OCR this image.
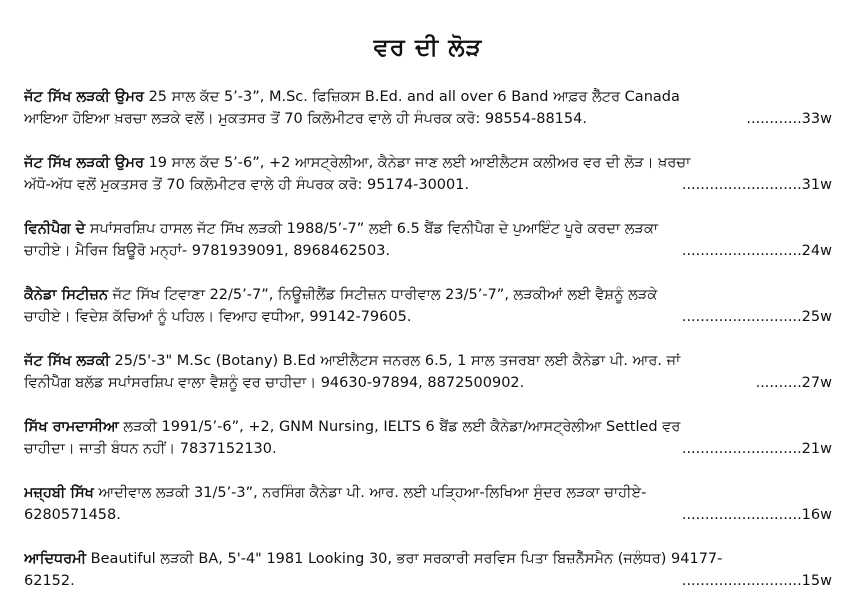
ਵਰ ਦੀ ਲੋੜ
ਜੱਟ ਸਿੱਖ ਲੜਕੀ ਉਮਰ 25 ਸਾਲ ਕੱਦ 5’-3”, M.Sc. ਫਿਜ਼ਿਕਸ B.Ed. and all over 6 Band ਆਫ਼ਰ ਲੈੱਟਰ Canada
ਆਇਆ ਹੋਇਆ ਖ਼ਰਚਾ ਲੜਕੇ ਵਲੋਂ। ਮੁਕਤਸਰ ਤੋਂ 70 ਕਿਲੋਮੀਟਰ ਵਾਲੇ ਹੀ ਸੰਪਰਕ ਕਰੋ: 98554-88154.	............33w
ਜੱਟ ਸਿੱਖ ਲੜਕੀ ਉਮਰ 19 ਸਾਲ ਕੱਦ 5’-6”, +2 ਆਸਟ੍ਰੇਲੀਆ, ਕੈਨੇਡਾ ਜਾਣ ਲਈ ਆਈਲੈਟਸ ਕਲੀਅਰ ਵਰ ਦੀ ਲੋੜ। ਖ਼ਰਚਾ
ਅੱਧੋ-ਅੱਧ ਵਲੋਂ ਮੁਕਤਸਰ ਤੋਂ 70 ਕਿਲੋਮੀਟਰ ਵਾਲੇ ਹੀ ਸੰਪਰਕ ਕਰੋ: 95174-30001.	..........................31w
ਵਿਨੀਪੈਗ ਦੇ ਸਪਾਂਸਰਸ਼ਿਪ ਹਾਸਲ ਜੱਟ ਸਿੱਖ ਲੜਕੀ 1988/5’-7” ਲਈ 6.5 ਬੈਂਡ ਵਿਨੀਪੈਗ ਦੇ ਪੁਆਇੰਟ ਪੂਰੇ ਕਰਦਾ ਲੜਕਾ
ਚਾਹੀਏ। ਮੈਰਿਜ ਬਿਊਰੋ ਮਨ੍ਹਾਂ- 9781939091, 8968462503.	..........................24w
ਕੈਨੇਡਾ ਸਿਟੀਜ਼ਨ ਜੱਟ ਸਿੱਖ ਟਿਵਾਣਾ 22/5’-7”, ਨਿਊਜ਼ੀਲੈਂਡ ਸਿਟੀਜ਼ਨ ਧਾਰੀਵਾਲ 23/5’-7”, ਲੜਕੀਆਂ ਲਈ ਵੈਸ਼ਨੂੰ ਲੜਕੇ
ਚਾਹੀਏ। ਵਿਦੇਸ਼ ਕੱਚਿਆਂ ਨੂੰ ਪਹਿਲ। ਵਿਆਹ ਵਧੀਆ, 99142-79605.	..........................25w
ਜੱਟ ਸਿੱਖ ਲੜਕੀ 25/5'-3" M.Sc (Botany) B.Ed ਆਈਲੈਟਸ ਜਨਰਲ 6.5, 1 ਸਾਲ ਤਜਰਬਾ ਲਈ ਕੈਨੇਡਾ ਪੀ. ਆਰ. ਜਾਂ
ਵਿਨੀਪੈੱਗ ਬਲੱਡ ਸਪਾਂਸਰਸ਼ਿਪ ਵਾਲਾ ਵੈਸ਼ਨੂੰ ਵਰ ਚਾਹੀਦਾ। 94630-97894, 8872500902.	..........27w
ਸਿੱਖ ਰਾਮਦਾਸੀਆ ਲੜਕੀ 1991/5’-6”, +2, GNM Nursing, IELTS 6 ਬੈਂਡ ਲਈ ਕੈਨੇਡਾ/ਆਸਟ੍ਰੇਲੀਆ Settled ਵਰ
ਚਾਹੀਦਾ। ਜਾਤੀ ਬੰਧਨ ਨਹੀਂ। 7837152130.	..........................21w
ਮਜ਼੍ਹਬੀ ਸਿੱਖ ਆਦੀਵਾਲ ਲੜਕੀ 31/5’-3”, ਨਰਸਿੰਗ ਕੈਨੇਡਾ ਪੀ. ਆਰ. ਲਈ ਪੜ੍ਹਿਆ-ਲਿਖਿਆ ਸੁੰਦਰ ਲੜਕਾ ਚਾਹੀਏ-
6280571458.	..........................16w
ਆਦਿਧਰਮੀ Beautiful ਲੜਕੀ BA, 5'-4" 1981 Looking 30, ਭਰਾ ਸਰਕਾਰੀ ਸਰਵਿਸ ਪਿਤਾ ਬਿਜ਼ਨੈੱਸਮੈਨ (ਜਲੰਧਰ) 94177-
62152.	..........................15w
